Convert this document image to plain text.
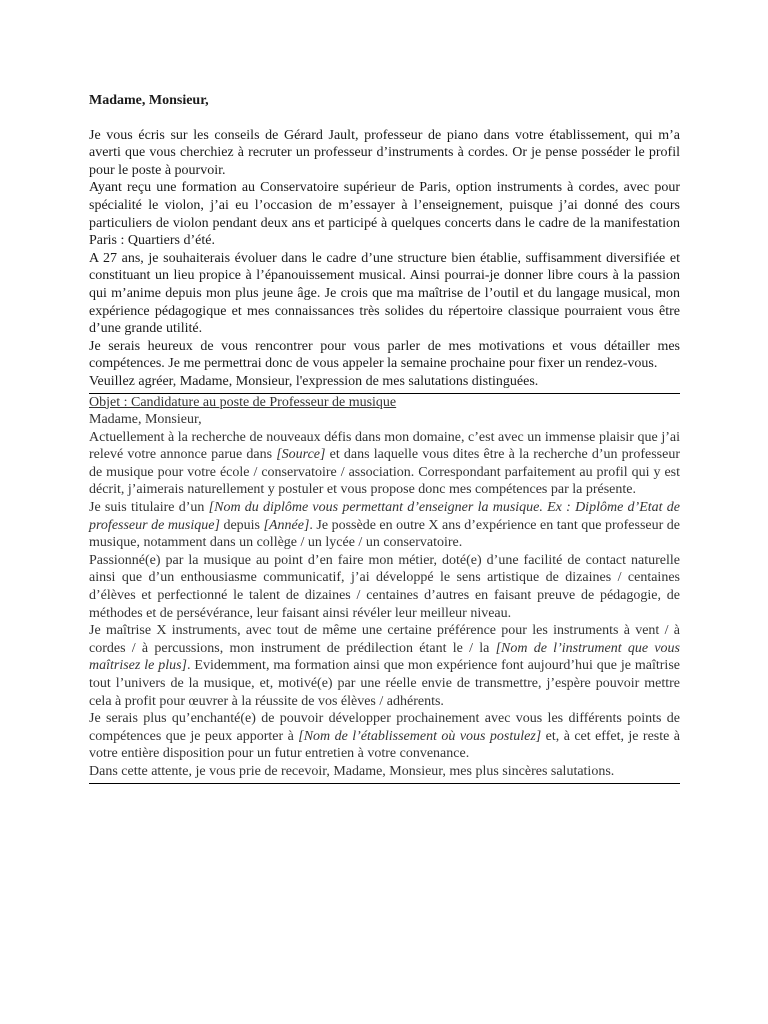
Madame, Monsieur,

Je vous écris sur les conseils de Gérard Jault, professeur de piano dans votre établissement, qui m’a averti que vous cherchiez à recruter un professeur d’instruments à cordes. Or je pense posséder le profil pour le poste à pourvoir.

Ayant reçu une formation au Conservatoire supérieur de Paris, option instruments à cordes, avec pour spécialité le violon, j’ai eu l’occasion de m’essayer à l’enseignement, puisque j’ai donné des cours particuliers de violon pendant deux ans et participé à quelques concerts dans le cadre de la manifestation Paris : Quartiers d’été.

A 27 ans, je souhaiterais évoluer dans le cadre d’une structure bien établie, suffisamment diversifiée et constituant un lieu propice à l’épanouissement musical. Ainsi pourrai-je donner libre cours à la passion qui m’anime depuis mon plus jeune âge. Je crois que ma maîtrise de l’outil et du langage musical, mon expérience pédagogique et mes connaissances très solides du répertoire classique pourraient vous être d’une grande utilité.

Je serais heureux de vous rencontrer pour vous parler de mes motivations et vous détailler mes compétences. Je me permettrai donc de vous appeler la semaine prochaine pour fixer un rendez-vous.

Veuillez agréer, Madame, Monsieur, l'expression de mes salutations distinguées.

Objet : Candidature au poste de Professeur de musique

Madame, Monsieur,

Actuellement à la recherche de nouveaux défis dans mon domaine, c’est avec un immense plaisir que j’ai relevé votre annonce parue dans [Source] et dans laquelle vous dites être à la recherche d’un professeur de musique pour votre école / conservatoire / association. Correspondant parfaitement au profil qui y est décrit, j’aimerais naturellement y postuler et vous propose donc mes compétences par la présente.

Je suis titulaire d’un [Nom du diplôme vous permettant d’enseigner la musique. Ex : Diplôme d’Etat de professeur de musique] depuis [Année]. Je possède en outre X ans d’expérience en tant que professeur de musique, notamment dans un collège / un lycée / un conservatoire.

Passionné(e) par la musique au point d’en faire mon métier, doté(e) d’une facilité de contact naturelle ainsi que d’un enthousiasme communicatif, j’ai développé le sens artistique de dizaines / centaines d’élèves et perfectionné le talent de dizaines / centaines d’autres en faisant preuve de pédagogie, de méthodes et de persévérance, leur faisant ainsi révéler leur meilleur niveau.

Je maîtrise X instruments, avec tout de même une certaine préférence pour les instruments à vent / à cordes / à percussions, mon instrument de prédilection étant le / la [Nom de l’instrument que vous maîtrisez le plus]. Evidemment, ma formation ainsi que mon expérience font aujourd’hui que je maîtrise tout l’univers de la musique, et, motivé(e) par une réelle envie de transmettre, j’espère pouvoir mettre cela à profit pour œuvrer à la réussite de vos élèves / adhérents.

Je serais plus qu’enchanté(e) de pouvoir développer prochainement avec vous les différents points de compétences que je peux apporter à [Nom de l’établissement où vous postulez] et, à cet effet, je reste à votre entière disposition pour un futur entretien à votre convenance.

Dans cette attente, je vous prie de recevoir, Madame, Monsieur, mes plus sincères salutations.
